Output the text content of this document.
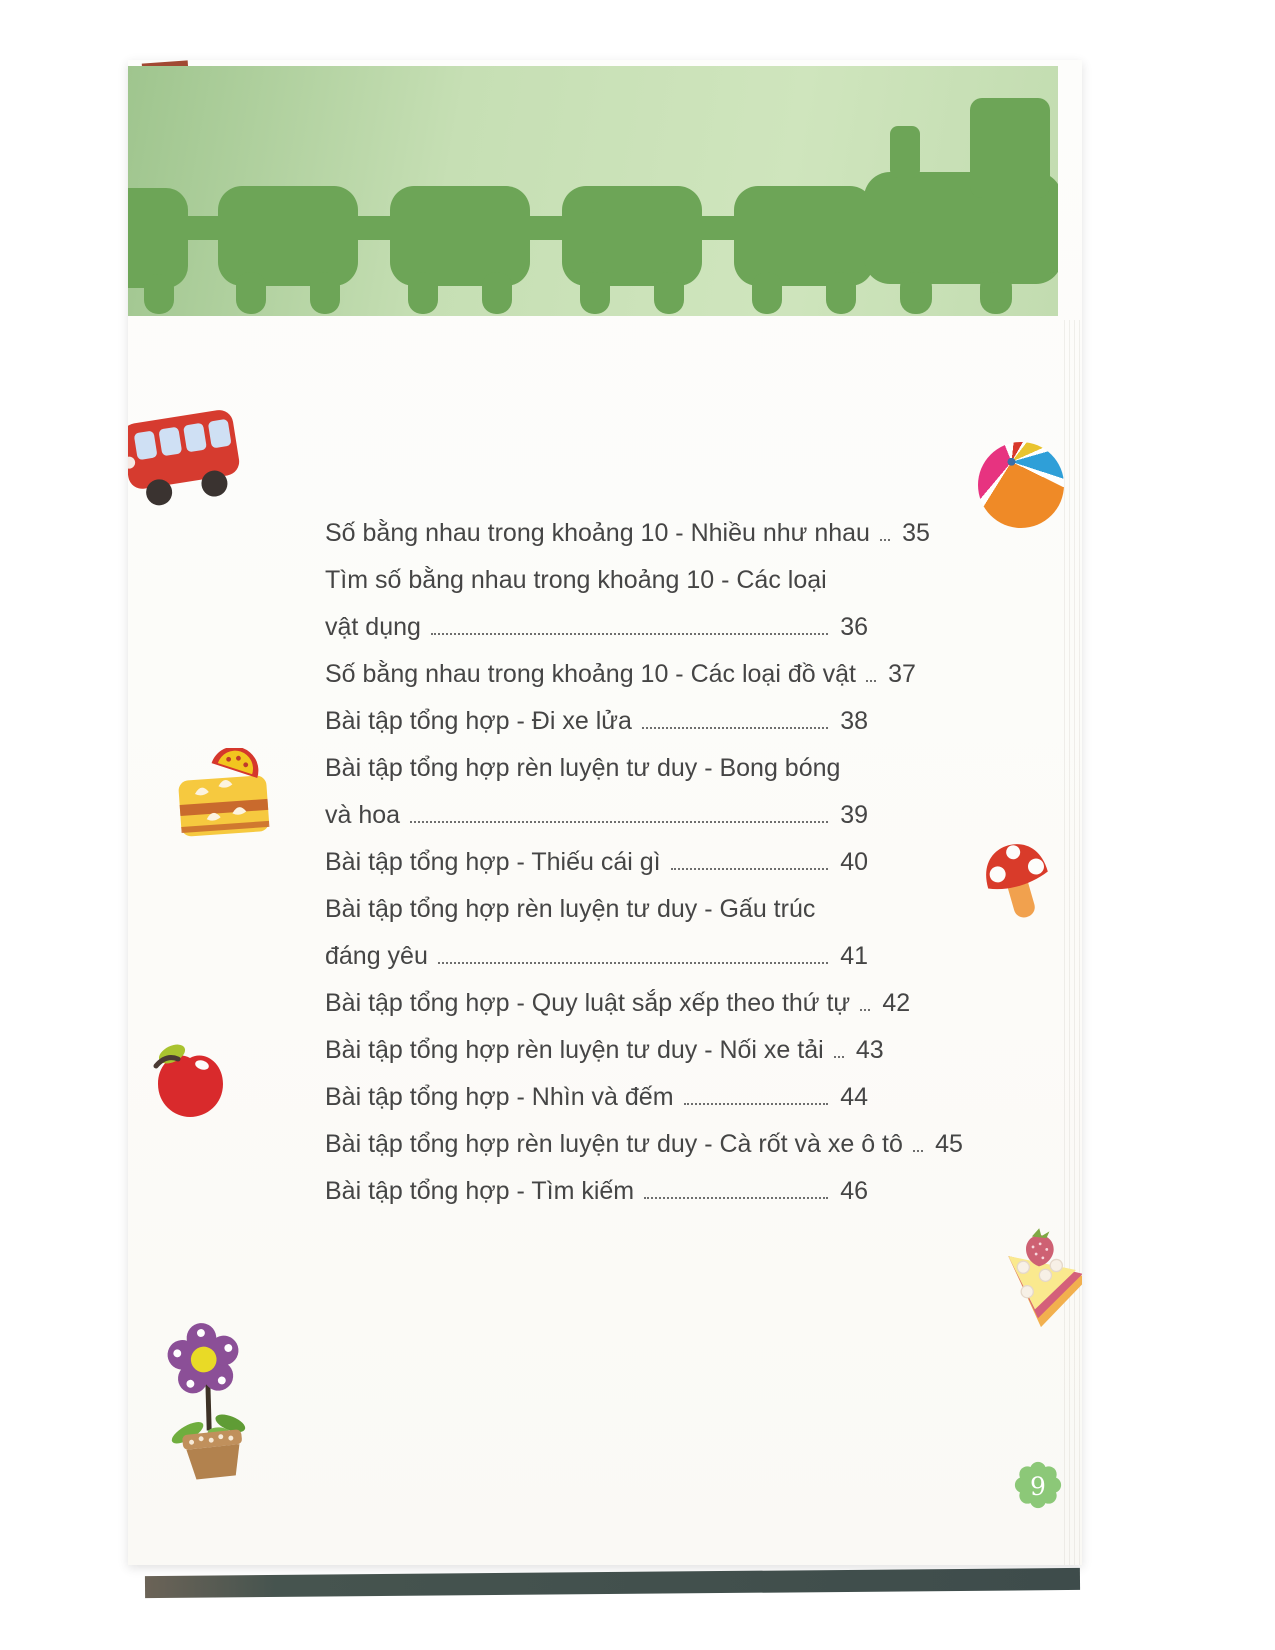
Số bằng nhau trong khoảng 10 - Nhiều như nhau	35
Tìm số bằng nhau trong khoảng 10 - Các loại
vật dụng	36
Số bằng nhau trong khoảng 10 - Các loại đồ vật	37
Bài tập tổng hợp - Đi xe lửa	38
Bài tập tổng hợp rèn luyện tư duy - Bong bóng
và hoa	39
Bài tập tổng hợp - Thiếu cái gì	40
Bài tập tổng hợp rèn luyện tư duy - Gấu trúc
đáng yêu	41
Bài tập tổng hợp - Quy luật sắp xếp theo thứ tự	42
Bài tập tổng hợp rèn luyện tư duy - Nối xe tải	43
Bài tập tổng hợp - Nhìn và đếm	44
Bài tập tổng hợp rèn luyện tư duy - Cà rốt và xe ô tô	45
Bài tập tổng hợp - Tìm kiếm	46
9
